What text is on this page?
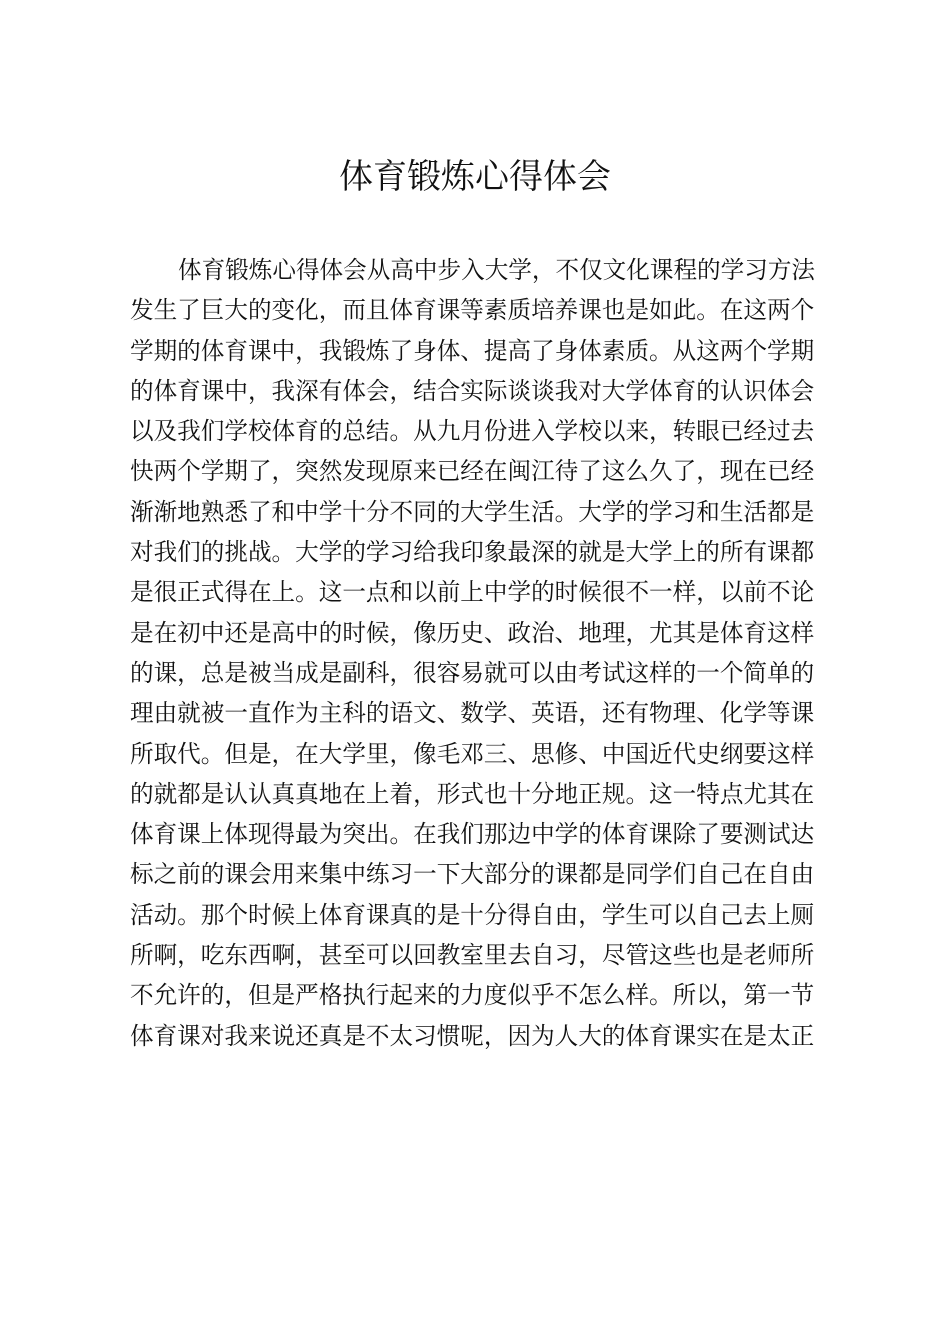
体育锻炼心得体会
体育锻炼心得体会从高中步入大学，不仅文化课程的学习方法
发生了巨大的变化，而且体育课等素质培养课也是如此。在这两个
学期的体育课中，我锻炼了身体、提高了身体素质。从这两个学期
的体育课中，我深有体会，结合实际谈谈我对大学体育的认识体会
以及我们学校体育的总结。从九月份进入学校以来，转眼已经过去
快两个学期了，突然发现原来已经在闽江待了这么久了，现在已经
渐渐地熟悉了和中学十分不同的大学生活。大学的学习和生活都是
对我们的挑战。大学的学习给我印象最深的就是大学上的所有课都
是很正式得在上。这一点和以前上中学的时候很不一样，以前不论
是在初中还是高中的时候，像历史、政治、地理，尤其是体育这样
的课，总是被当成是副科，很容易就可以由考试这样的一个简单的
理由就被一直作为主科的语文、数学、英语，还有物理、化学等课
所取代。但是，在大学里，像毛邓三、思修、中国近代史纲要这样
的就都是认认真真地在上着，形式也十分地正规。这一特点尤其在
体育课上体现得最为突出。在我们那边中学的体育课除了要测试达
标之前的课会用来集中练习一下大部分的课都是同学们自己在自由
活动。那个时候上体育课真的是十分得自由，学生可以自己去上厕
所啊，吃东西啊，甚至可以回教室里去自习，尽管这些也是老师所
不允许的，但是严格执行起来的力度似乎不怎么样。所以，第一节
体育课对我来说还真是不太习惯呢，因为人大的体育课实在是太正
